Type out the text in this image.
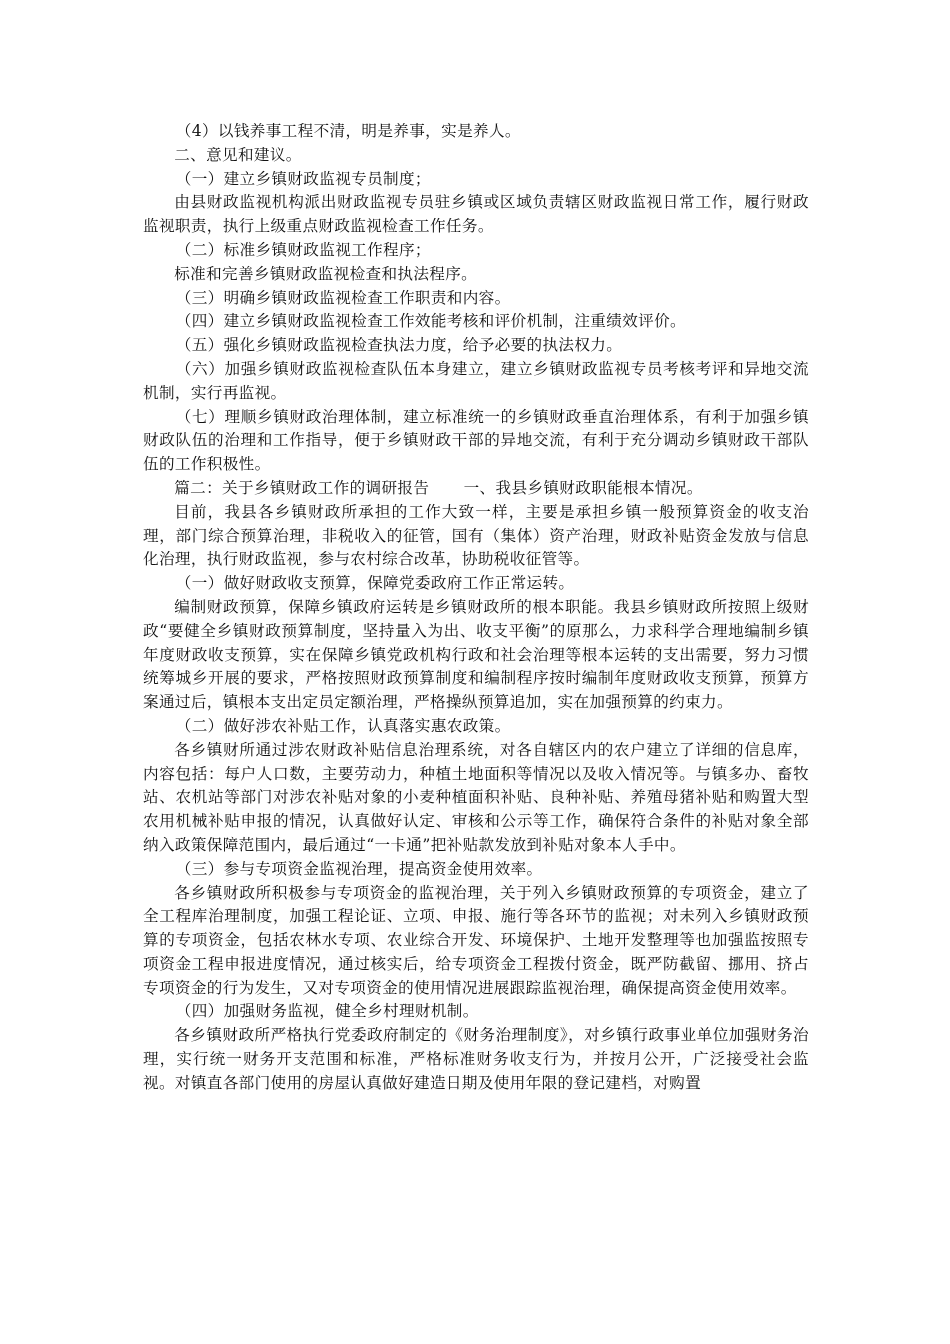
（4）以钱养事工程不清，明是养事，实是养人。

二、意见和建议。

（一）建立乡镇财政监视专员制度；

由县财政监视机构派出财政监视专员驻乡镇或区域负责辖区财政监视日常工作，履行财政监视职责，执行上级重点财政监视检查工作任务。

（二）标准乡镇财政监视工作程序；

标准和完善乡镇财政监视检查和执法程序。

（三）明确乡镇财政监视检查工作职责和内容。

（四）建立乡镇财政监视检查工作效能考核和评价机制，注重绩效评价。

（五）强化乡镇财政监视检查执法力度，给予必要的执法权力。

（六）加强乡镇财政监视检查队伍本身建立，建立乡镇财政监视专员考核考评和异地交流机制，实行再监视。

（七）理顺乡镇财政治理体制，建立标准统一的乡镇财政垂直治理体系，有利于加强乡镇财政队伍的治理和工作指导，便于乡镇财政干部的异地交流，有利于充分调动乡镇财政干部队伍的工作积极性。

篇二：关于乡镇财政工作的调研报告 一、我县乡镇财政职能根本情况。

目前，我县各乡镇财政所承担的工作大致一样，主要是承担乡镇一般预算资金的收支治理，部门综合预算治理，非税收入的征管，国有（集体）资产治理，财政补贴资金发放与信息化治理，执行财政监视，参与农村综合改革，协助税收征管等。

（一）做好财政收支预算，保障党委政府工作正常运转。

编制财政预算，保障乡镇政府运转是乡镇财政所的根本职能。我县乡镇财政所按照上级财政“要健全乡镇财政预算制度，坚持量入为出、收支平衡”的原那么，力求科学合理地编制乡镇年度财政收支预算，实在保障乡镇党政机构行政和社会治理等根本运转的支出需要，努力习惯统筹城乡开展的要求，严格按照财政预算制度和编制程序按时编制年度财政收支预算，预算方案通过后，镇根本支出定员定额治理，严格操纵预算追加，实在加强预算的约束力。

（二）做好涉农补贴工作，认真落实惠农政策。

各乡镇财所通过涉农财政补贴信息治理系统，对各自辖区内的农户建立了详细的信息库，内容包括：每户人口数，主要劳动力，种植土地面积等情况以及收入情况等。与镇多办、畜牧站、农机站等部门对涉农补贴对象的小麦种植面积补贴、良种补贴、养殖母猪补贴和购置大型农用机械补贴申报的情况，认真做好认定、审核和公示等工作，确保符合条件的补贴对象全部纳入政策保障范围内，最后通过“一卡通”把补贴款发放到补贴对象本人手中。

（三）参与专项资金监视治理，提高资金使用效率。

各乡镇财政所积极参与专项资金的监视治理，关于列入乡镇财政预算的专项资金，建立了全工程库治理制度，加强工程论证、立项、申报、施行等各环节的监视；对未列入乡镇财政预算的专项资金，包括农林水专项、农业综合开发、环境保护、土地开发整理等也加强监按照专项资金工程申报进度情况，通过核实后，给专项资金工程拨付资金，既严防截留、挪用、挤占专项资金的行为发生，又对专项资金的使用情况进展跟踪监视治理，确保提高资金使用效率。

（四）加强财务监视，健全乡村理财机制。

各乡镇财政所严格执行党委政府制定的《财务治理制度》，对乡镇行政事业单位加强财务治理，实行统一财务开支范围和标准，严格标准财务收支行为，并按月公开，广泛接受社会监视。对镇直各部门使用的房屋认真做好建造日期及使用年限的登记建档，对购置
